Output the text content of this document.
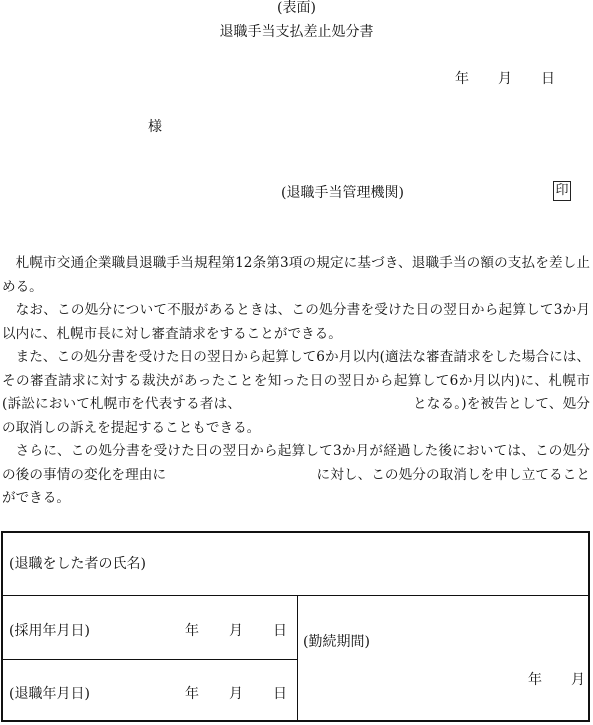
(表面)
退職手当支払差止処分書
年 月 日
様
(退職手当管理機関)	印

札幌市交通企業職員退職手当規程第12条第3項の規定に基づき、退職手当の額の支払を差し止める。

なお、この処分について不服があるときは、この処分書を受けた日の翌日から起算して3か月以内に、札幌市長に対し審査請求をすることができる。

また、この処分書を受けた日の翌日から起算して6か月以内(適法な審査請求をした場合には、その審査請求に対する裁決があったことを知った日の翌日から起算して6か月以内)に、札幌市(訴訟において札幌市を代表する者は、　　　　　　　　　　　　　となる。)を被告として、処分の取消しの訴えを提起することもできる。

さらに、この処分書を受けた日の翌日から起算して3か月が経過した後においては、この処分の後の事情の変化を理由に　　　　　　　　　　　に対し、この処分の取消しを申し立てることができる。

(退職をした者の氏名)
(採用年月日)	年 月 日
(退職年月日)	年 月 日
(勤続期間)
年 月
